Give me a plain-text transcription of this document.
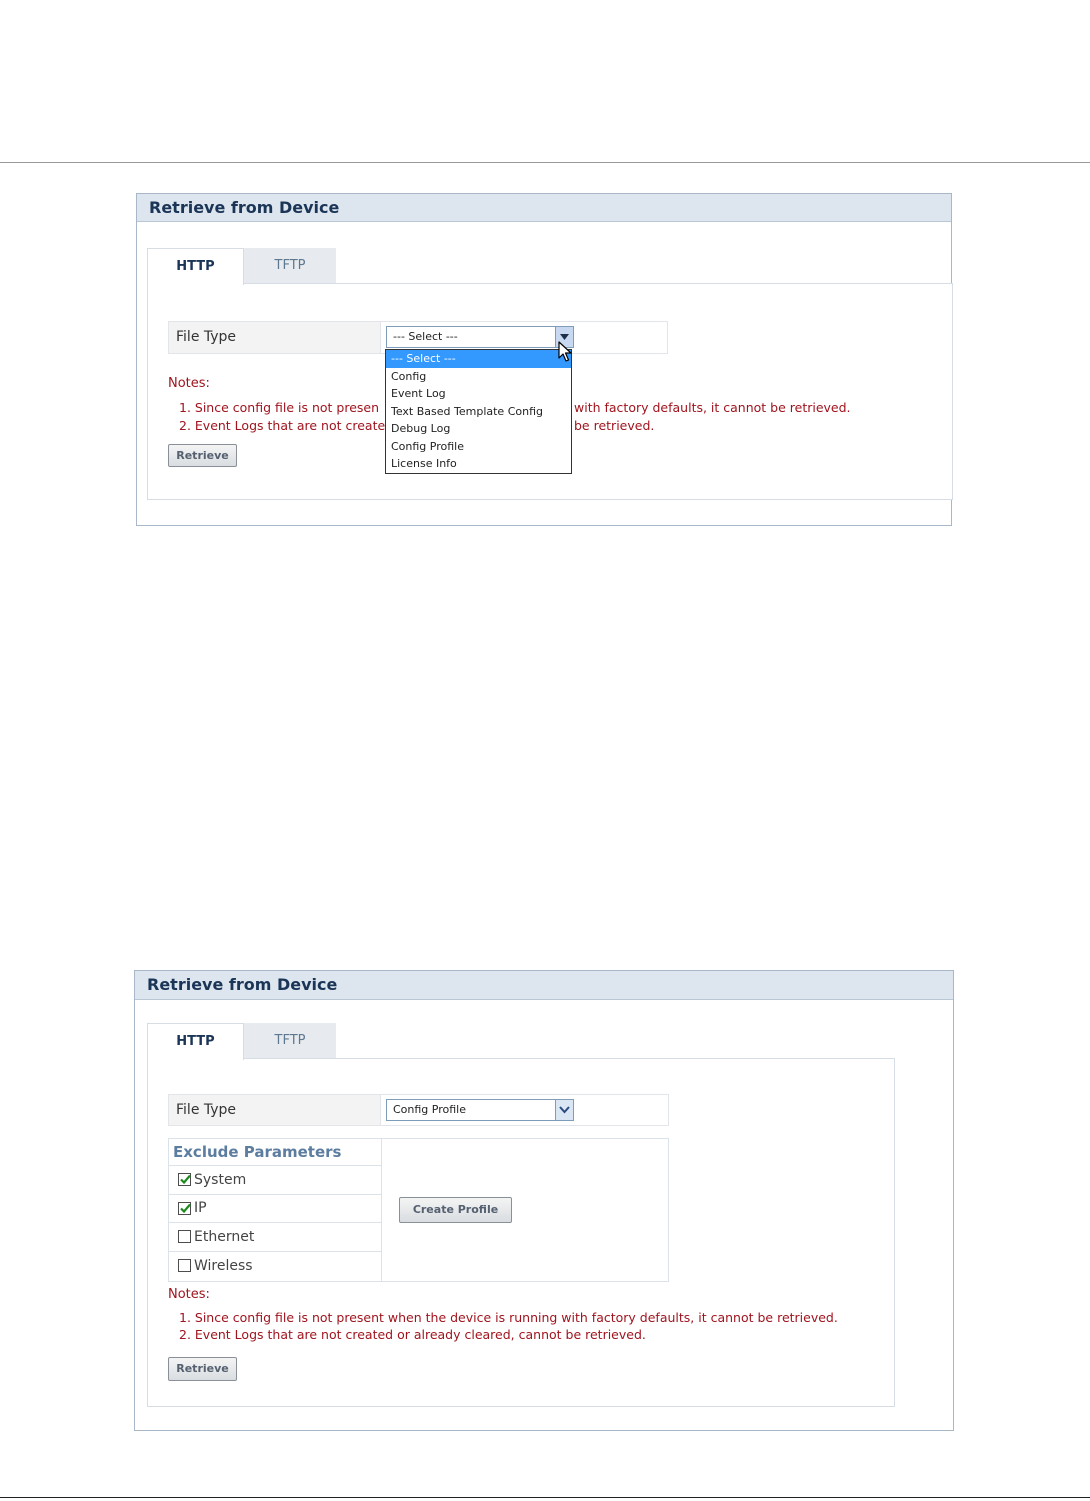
Retrieve from Device
HTTP	TFTP
File Type	--- Select ---
Notes:
1. Since config file is not presen	with factory defaults, it cannot be retrieved.
2. Event Logs that are not create	be retrieved.
Retrieve
--- Select ---
Config
Event Log
Text Based Template Config
Debug Log
Config Profile
License Info
Retrieve from Device
HTTP	TFTP
File Type	Config Profile
Exclude Parameters
System
IP
Ethernet
Wireless
Create Profile
Notes:
1. Since config file is not present when the device is running with factory defaults, it cannot be retrieved.
2. Event Logs that are not created or already cleared, cannot be retrieved.
Retrieve
